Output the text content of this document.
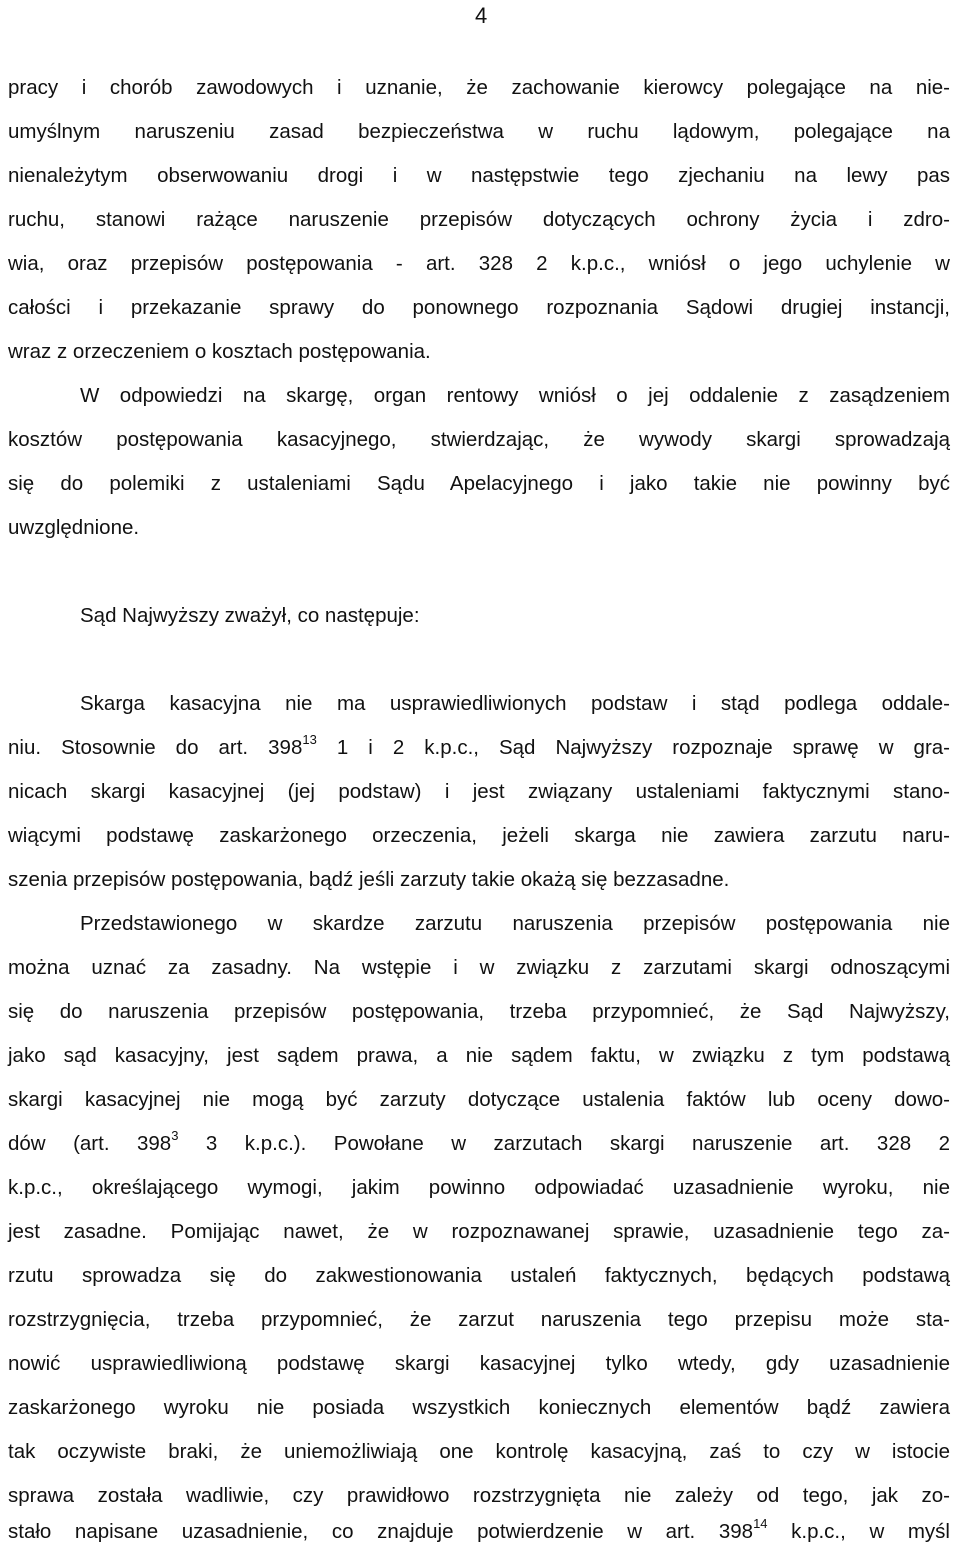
4
pracy i chorób zawodowych i uznanie, że zachowanie kierowcy polegające na nie-
umyślnym naruszeniu zasad bezpieczeństwa w ruchu lądowym, polegające na
nienależytym obserwowaniu drogi i w następstwie tego zjechaniu na lewy pas
ruchu, stanowi rażące naruszenie przepisów dotyczących ochrony życia i zdro-
wia, oraz przepisów postępowania - art. 328 2 k.p.c., wniósł o jego uchylenie w
całości i przekazanie sprawy do ponownego rozpoznania Sądowi drugiej instancji,
wraz z orzeczeniem o kosztach postępowania.
W odpowiedzi na skargę, organ rentowy wniósł o jej oddalenie z zasądzeniem
kosztów postępowania kasacyjnego, stwierdzając, że wywody skargi sprowadzają
się do polemiki z ustaleniami Sądu Apelacyjnego i jako takie nie powinny być
uwzględnione.
Sąd Najwyższy zważył, co następuje:
Skarga kasacyjna nie ma usprawiedliwionych podstaw i stąd podlega oddale-
niu. Stosownie do art. $398^{13}$ 1 i 2 k.p.c., Sąd Najwyższy rozpoznaje sprawę w gra-
nicach skargi kasacyjnej (jej podstaw) i jest związany ustaleniami faktycznymi stano-
wiącymi podstawę zaskarżonego orzeczenia, jeżeli skarga nie zawiera zarzutu naru-
szenia przepisów postępowania, bądź jeśli zarzuty takie okażą się bezzasadne.
Przedstawionego w skardze zarzutu naruszenia przepisów postępowania nie
można uznać za zasadny. Na wstępie i w związku z zarzutami skargi odnoszącymi
się do naruszenia przepisów postępowania, trzeba przypomnieć, że Sąd Najwyższy,
jako sąd kasacyjny, jest sądem prawa, a nie sądem faktu, w związku z tym podstawą
skargi kasacyjnej nie mogą być zarzuty dotyczące ustalenia faktów lub oceny dowo-
dów (art. $398^3$ 3 k.p.c.). Powołane w zarzutach skargi naruszenie art. 328 2
k.p.c., określającego wymogi, jakim powinno odpowiadać uzasadnienie wyroku, nie
jest zasadne. Pomijając nawet, że w rozpoznawanej sprawie, uzasadnienie tego za-
rzutu sprowadza się do zakwestionowania ustaleń faktycznych, będących podstawą
rozstrzygnięcia, trzeba przypomnieć, że zarzut naruszenia tego przepisu może sta-
nowić usprawiedliwioną podstawę skargi kasacyjnej tylko wtedy, gdy uzasadnienie
zaskarżonego wyroku nie posiada wszystkich koniecznych elementów bądź zawiera
tak oczywiste braki, że uniemożliwiają one kontrolę kasacyjną, zaś to czy w istocie
sprawa została wadliwie, czy prawidłowo rozstrzygnięta nie zależy od tego, jak zo-
stało napisane uzasadnienie, co znajduje potwierdzenie w art. $398^{14}$ k.p.c., w myśl
